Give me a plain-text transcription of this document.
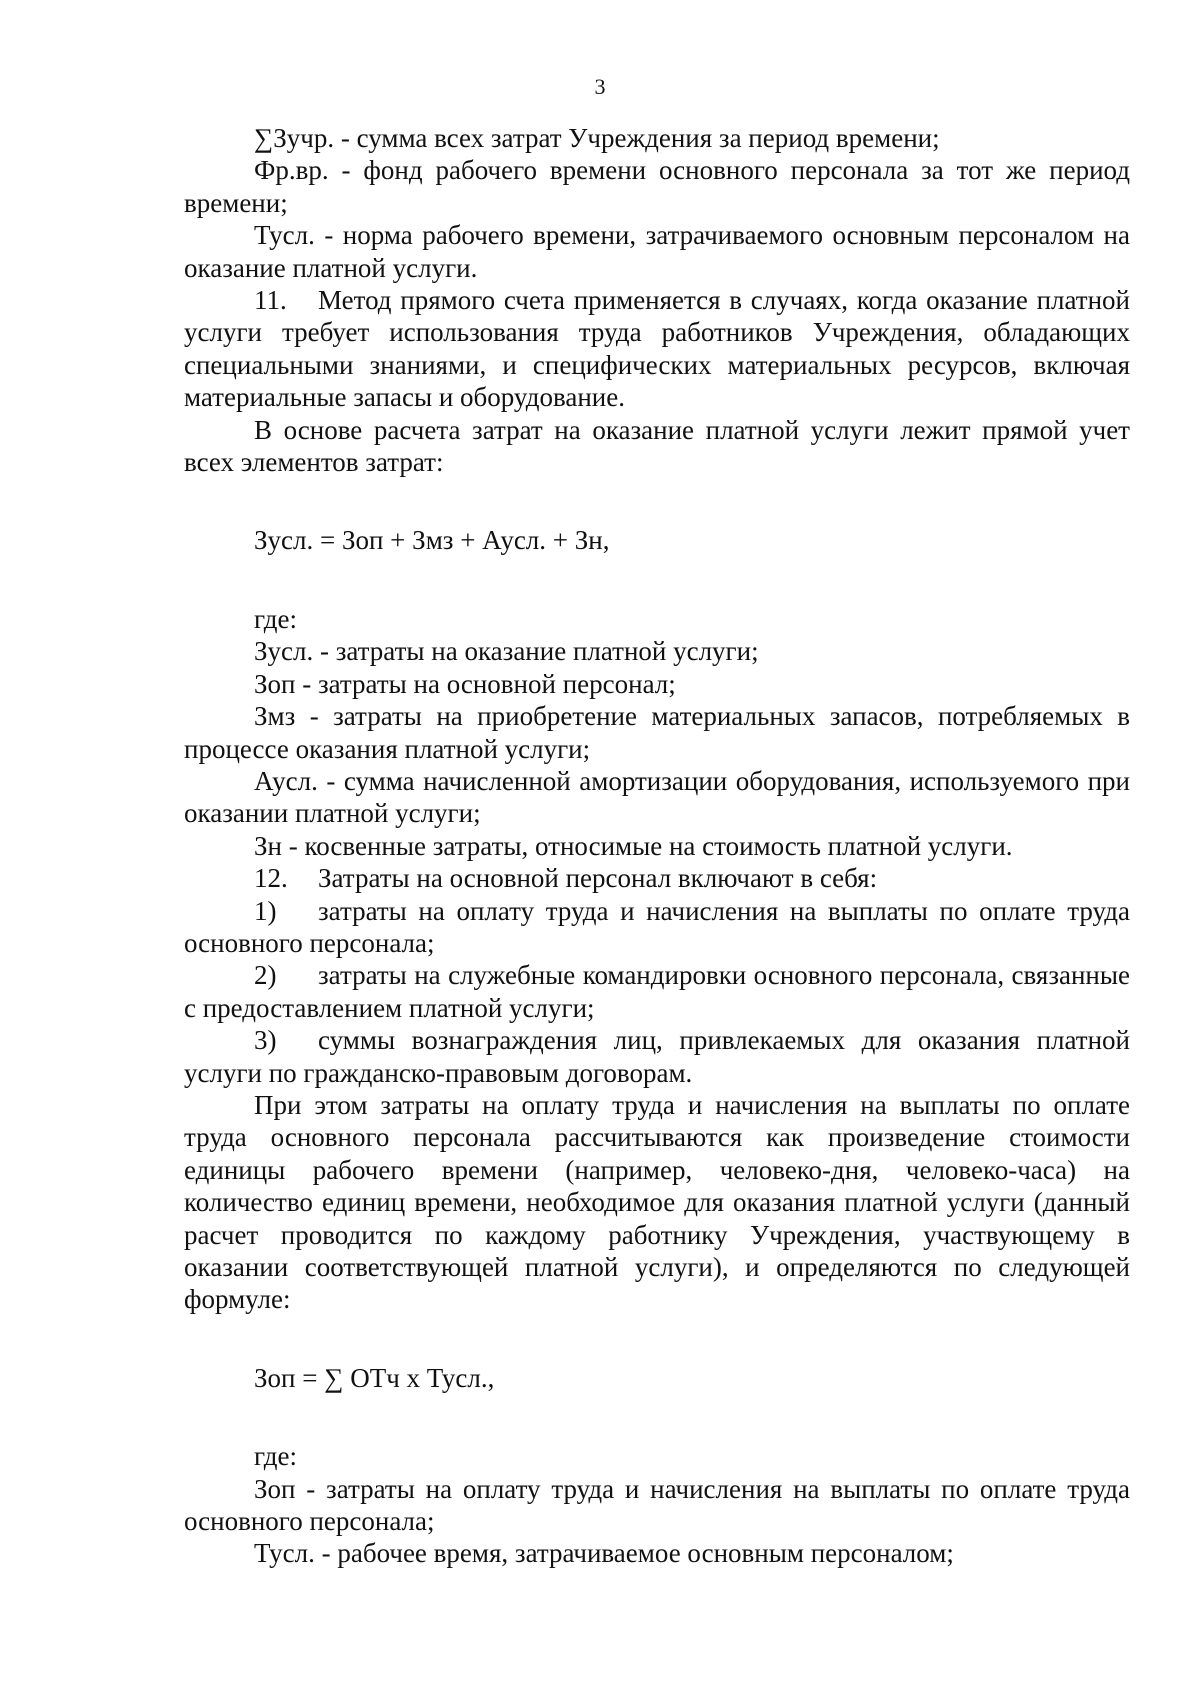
3

∑Зучр. - сумма всех затрат Учреждения за период времени;

Фр.вр. - фонд рабочего времени основного персонала за тот же период времени;

Тусл. - норма рабочего времени, затрачиваемого основным персоналом на оказание платной услуги.

11. Метод прямого счета применяется в случаях, когда оказание платной услуги требует использования труда работников Учреждения, обладающих специальными знаниями, и специфических материальных ресурсов, включая материальные запасы и оборудование.

В основе расчета затрат на оказание платной услуги лежит прямой учет всех элементов затрат:

Зусл. = Зоп + Змз + Аусл. + Зн,

где:

Зусл. - затраты на оказание платной услуги;

Зоп - затраты на основной персонал;

Змз - затраты на приобретение материальных запасов, потребляемых в процессе оказания платной услуги;

Аусл. - сумма начисленной амортизации оборудования, используемого при оказании платной услуги;

Зн - косвенные затраты, относимые на стоимость платной услуги.

12. Затраты на основной персонал включают в себя:

1) затраты на оплату труда и начисления на выплаты по оплате труда основного персонала;

2) затраты на служебные командировки основного персонала, связанные с предоставлением платной услуги;

3) суммы вознаграждения лиц, привлекаемых для оказания платной услуги по гражданско-правовым договорам.

При этом затраты на оплату труда и начисления на выплаты по оплате труда основного персонала рассчитываются как произведение стоимости единицы рабочего времени (например, человеко-дня, человеко-часа) на количество единиц времени, необходимое для оказания платной услуги (данный расчет проводится по каждому работнику Учреждения, участвующему в оказании соответствующей платной услуги), и определяются по следующей формуле:

Зоп = ∑ ОТч х Тусл.,

где:

Зоп - затраты на оплату труда и начисления на выплаты по оплате труда основного персонала;

Тусл. - рабочее время, затрачиваемое основным персоналом;
